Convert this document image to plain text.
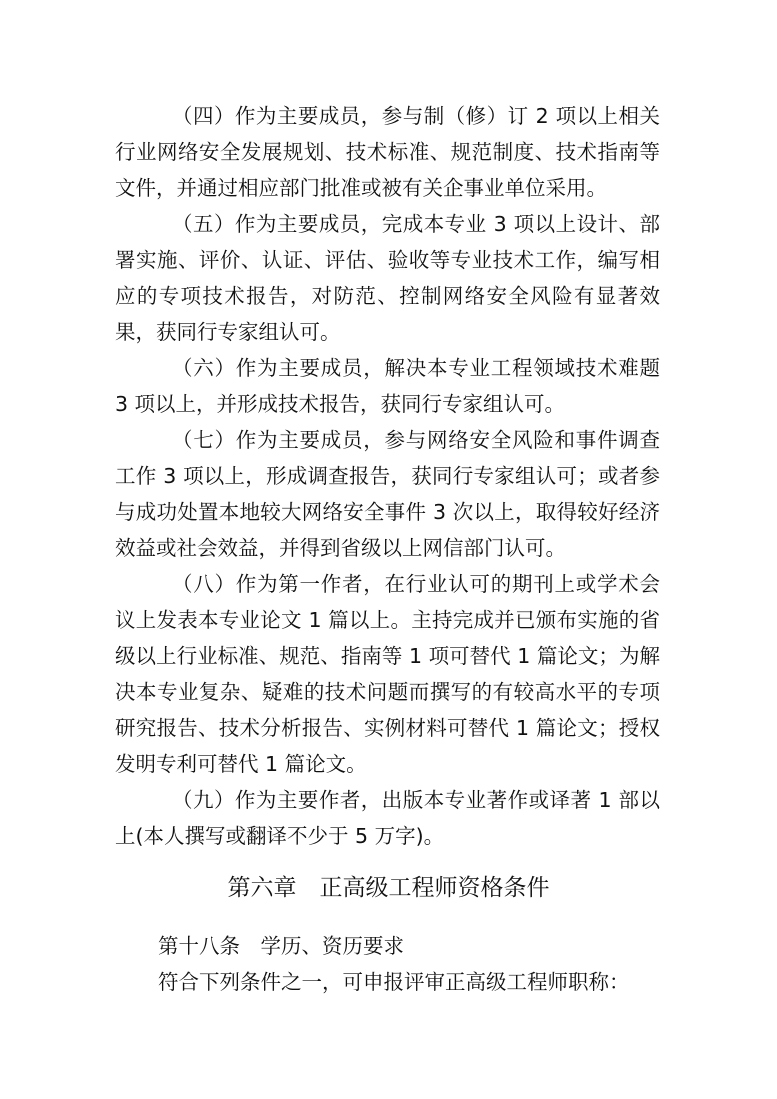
（四）作为主要成员，参与制（修）订 2 项以上相关行业网络安全发展规划、技术标准、规范制度、技术指南等文件，并通过相应部门批准或被有关企事业单位采用。

（五）作为主要成员，完成本专业 3 项以上设计、部署实施、评价、认证、评估、验收等专业技术工作，编写相应的专项技术报告，对防范、控制网络安全风险有显著效果，获同行专家组认可。

（六）作为主要成员，解决本专业工程领域技术难题 3 项以上，并形成技术报告，获同行专家组认可。

（七）作为主要成员，参与网络安全风险和事件调查工作 3 项以上，形成调查报告，获同行专家组认可；或者参与成功处置本地较大网络安全事件 3 次以上，取得较好经济效益或社会效益，并得到省级以上网信部门认可。

（八）作为第一作者，在行业认可的期刊上或学术会议上发表本专业论文 1 篇以上。主持完成并已颁布实施的省级以上行业标准、规范、指南等 1 项可替代 1 篇论文；为解决本专业复杂、疑难的技术问题而撰写的有较高水平的专项研究报告、技术分析报告、实例材料可替代 1 篇论文；授权发明专利可替代 1 篇论文。

（九）作为主要作者，出版本专业著作或译著 1 部以上(本人撰写或翻译不少于 5 万字)。

第六章　正高级工程师资格条件

第十八条　学历、资历要求

符合下列条件之一，可申报评审正高级工程师职称：
